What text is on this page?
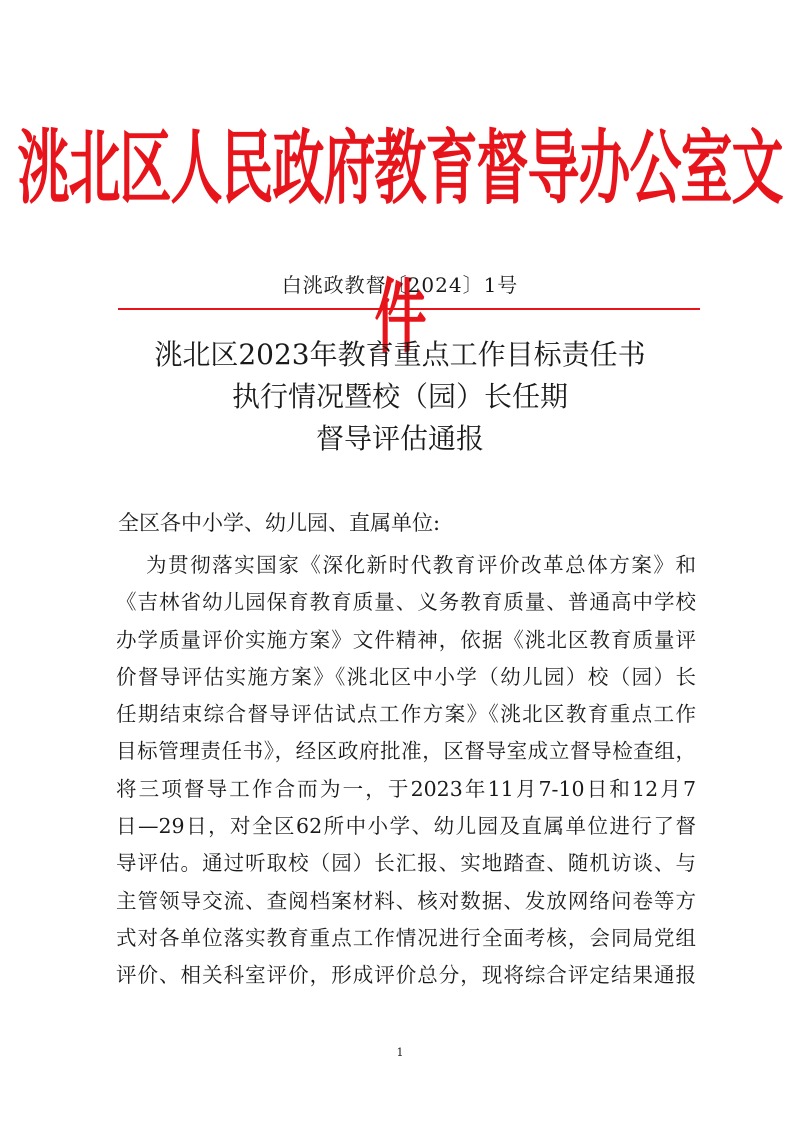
洮北区人民政府教育督导办公室文件
白洮政教督〔2024〕1号
洮北区2023年教育重点工作目标责任书
执行情况暨校（园）长任期
督导评估通报
全区各中小学、幼儿园、直属单位:
为贯彻落实国家《深化新时代教育评价改革总体方案》和
《吉林省幼儿园保育教育质量、义务教育质量、普通高中学校
办学质量评价实施方案》文件精神，依据《洮北区教育质量评
价督导评估实施方案》《洮北区中小学（幼儿园）校（园）长
任期结束综合督导评估试点工作方案》《洮北区教育重点工作
目标管理责任书》，经区政府批准，区督导室成立督导检查组，
将三项督导工作合而为一，于2023年11月7-10日和12月7
日—29日，对全区62所中小学、幼儿园及直属单位进行了督
导评估。通过听取校（园）长汇报、实地踏查、随机访谈、与
主管领导交流、查阅档案材料、核对数据、发放网络问卷等方
式对各单位落实教育重点工作情况进行全面考核，会同局党组
评价、相关科室评价，形成评价总分，现将综合评定结果通报
1
